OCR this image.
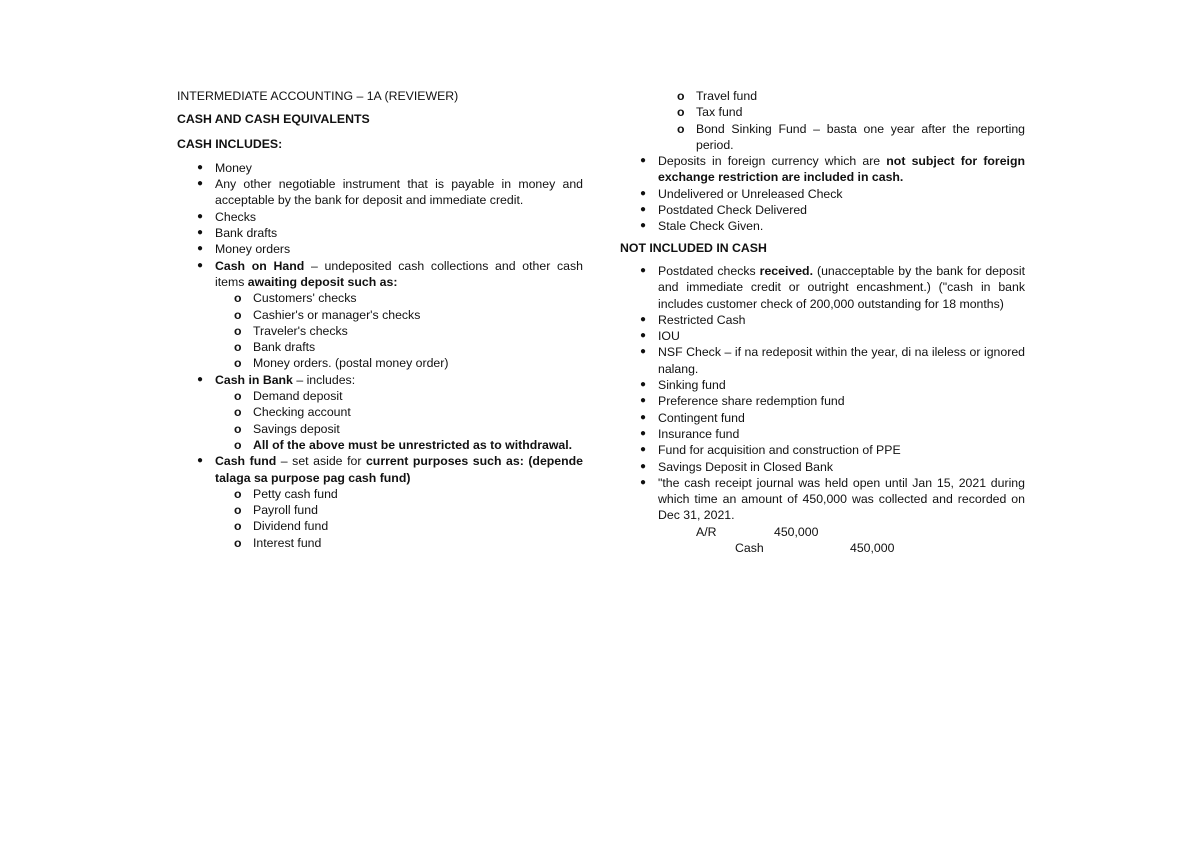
INTERMEDIATE ACCOUNTING – 1A (REVIEWER)
CASH AND CASH EQUIVALENTS
CASH INCLUDES:
● Money
● Any other negotiable instrument that is payable in money and acceptable by the bank for deposit and immediate credit.
● Checks
● Bank drafts
● Money orders
● Cash on Hand – undeposited cash collections and other cash items awaiting deposit such as:
o Customers' checks
o Cashier's or manager's checks
o Traveler's checks
o Bank drafts
o Money orders. (postal money order)
● Cash in Bank – includes:
o Demand deposit
o Checking account
o Savings deposit
o All of the above must be unrestricted as to withdrawal.
● Cash fund – set aside for current purposes such as: (depende talaga sa purpose pag cash fund)
o Petty cash fund
o Payroll fund
o Dividend fund
o Interest fund
o Travel fund
o Tax fund
o Bond Sinking Fund – basta one year after the reporting period.
● Deposits in foreign currency which are not subject for foreign exchange restriction are included in cash.
● Undelivered or Unreleased Check
● Postdated Check Delivered
● Stale Check Given.
NOT INCLUDED IN CASH
● Postdated checks received. (unacceptable by the bank for deposit and immediate credit or outright encashment.) ("cash in bank includes customer check of 200,000 outstanding for 18 months)
● Restricted Cash
● IOU
● NSF Check – if na redeposit within the year, di na ileless or ignored nalang.
● Sinking fund
● Preference share redemption fund
● Contingent fund
● Insurance fund
● Fund for acquisition and construction of PPE
● Savings Deposit in Closed Bank
● "the cash receipt journal was held open until Jan 15, 2021 during which time an amount of 450,000 was collected and recorded on Dec 31, 2021.
A/R	450,000
Cash	450,000
